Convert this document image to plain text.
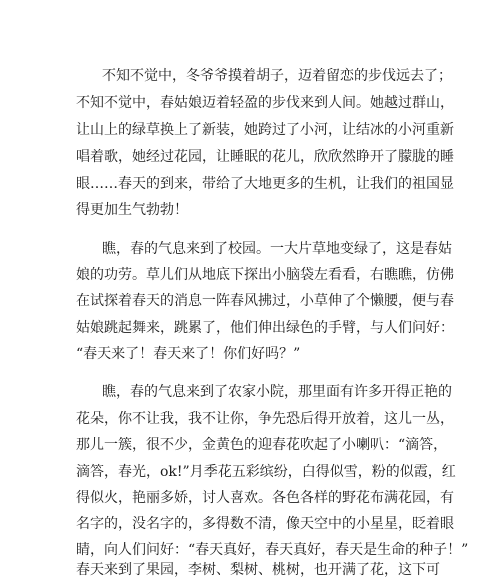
不知不觉中，冬爷爷摸着胡子，迈着留恋的步伐远去了；
不知不觉中，春姑娘迈着轻盈的步伐来到人间。她越过群山，
让山上的绿草换上了新装，她跨过了小河，让结冰的小河重新
唱着歌，她经过花园，让睡眠的花儿，欣欣然睁开了朦胧的睡
眼……春天的到来，带给了大地更多的生机，让我们的祖国显
得更加生气勃勃！
瞧，春的气息来到了校园。一大片草地变绿了，这是春姑
娘的功劳。草儿们从地底下探出小脑袋左看看，右瞧瞧，仿佛
在试探着春天的消息一阵春风拂过，小草伸了个懒腰，便与春
姑娘跳起舞来，跳累了，他们伸出绿色的手臂，与人们问好：
“春天来了！春天来了！你们好吗？”
瞧，春的气息来到了农家小院，那里面有许多开得正艳的
花朵，你不让我，我不让你，争先恐后得开放着，这儿一丛，
那儿一簇，很不少，金黄色的迎春花吹起了小喇叭：“滴答，
滴答，春光，ok!”月季花五彩缤纷，白得似雪，粉的似霞，红
得似火，艳丽多娇，讨人喜欢。各色各样的野花布满花园，有
名字的，没名字的，多得数不清，像天空中的小星星，眨着眼
睛，向人们问好：“春天真好，春天真好，春天是生命的种子！”
春天来到了果园，李树、梨树、桃树，也开满了花，这下可
